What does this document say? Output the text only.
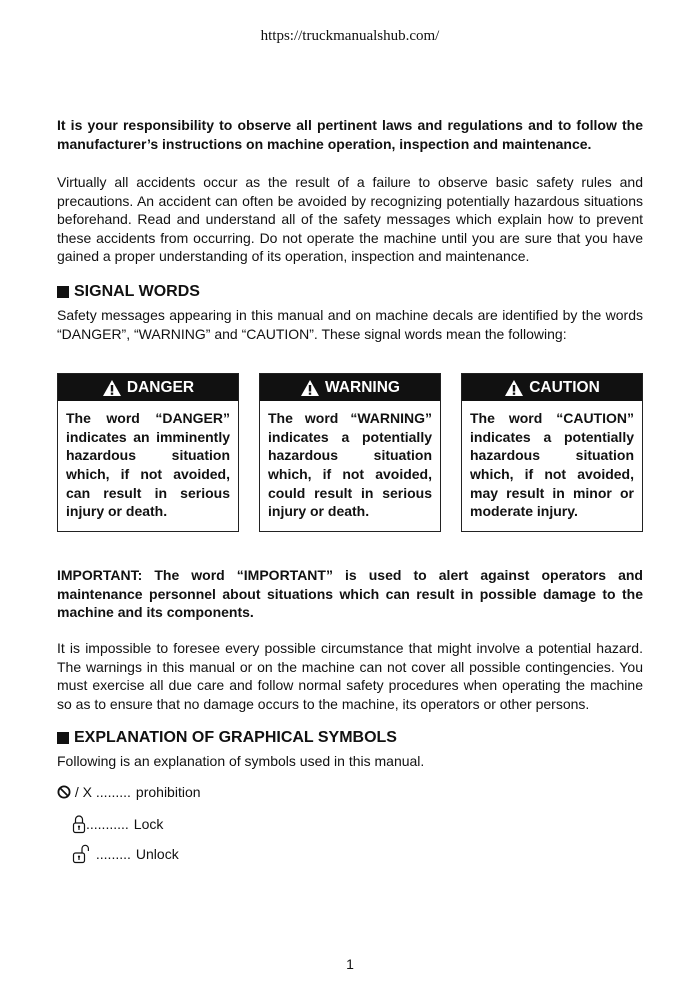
https://truckmanualshub.com/

It is your responsibility to observe all pertinent laws and regulations and to follow the manufacturer’s instructions on machine operation, inspection and maintenance.

Virtually all accidents occur as the result of a failure to observe basic safety rules and precautions. An accident can often be avoided by recognizing potentially hazardous situations beforehand. Read and understand all of the safety messages which explain how to prevent these accidents from occurring. Do not operate the machine until you are sure that you have gained a proper understanding of its operation, inspection and maintenance.

SIGNAL WORDS

Safety messages appearing in this manual and on machine decals are identified by the words “DANGER”, “WARNING” and “CAUTION”. These signal words mean the following:

DANGER
The word “DANGER” indicates an imminently hazardous situation which, if not avoided, can result in serious injury or death.
WARNING
The word “WARNING” indicates a potentially hazardous situation which, if not avoided, could result in serious injury or death.
CAUTION
The word “CAUTION” indicates a potentially hazardous situation which, if not avoided, may result in minor or moderate injury.

IMPORTANT: The word “IMPORTANT” is used to alert against operators and maintenance personnel about situations which can result in possible damage to the machine and its components.

It is impossible to foresee every possible circumstance that might involve a potential hazard. The warnings in this manual or on the machine can not cover all possible contingencies. You must exercise all due care and follow normal safety procedures when operating the machine so as to ensure that no damage occurs to the machine, its operators or other persons.

EXPLANATION OF GRAPHICAL SYMBOLS

Following is an explanation of symbols used in this manual.

/ X ......... prohibition
........... Lock
......... Unlock
1
